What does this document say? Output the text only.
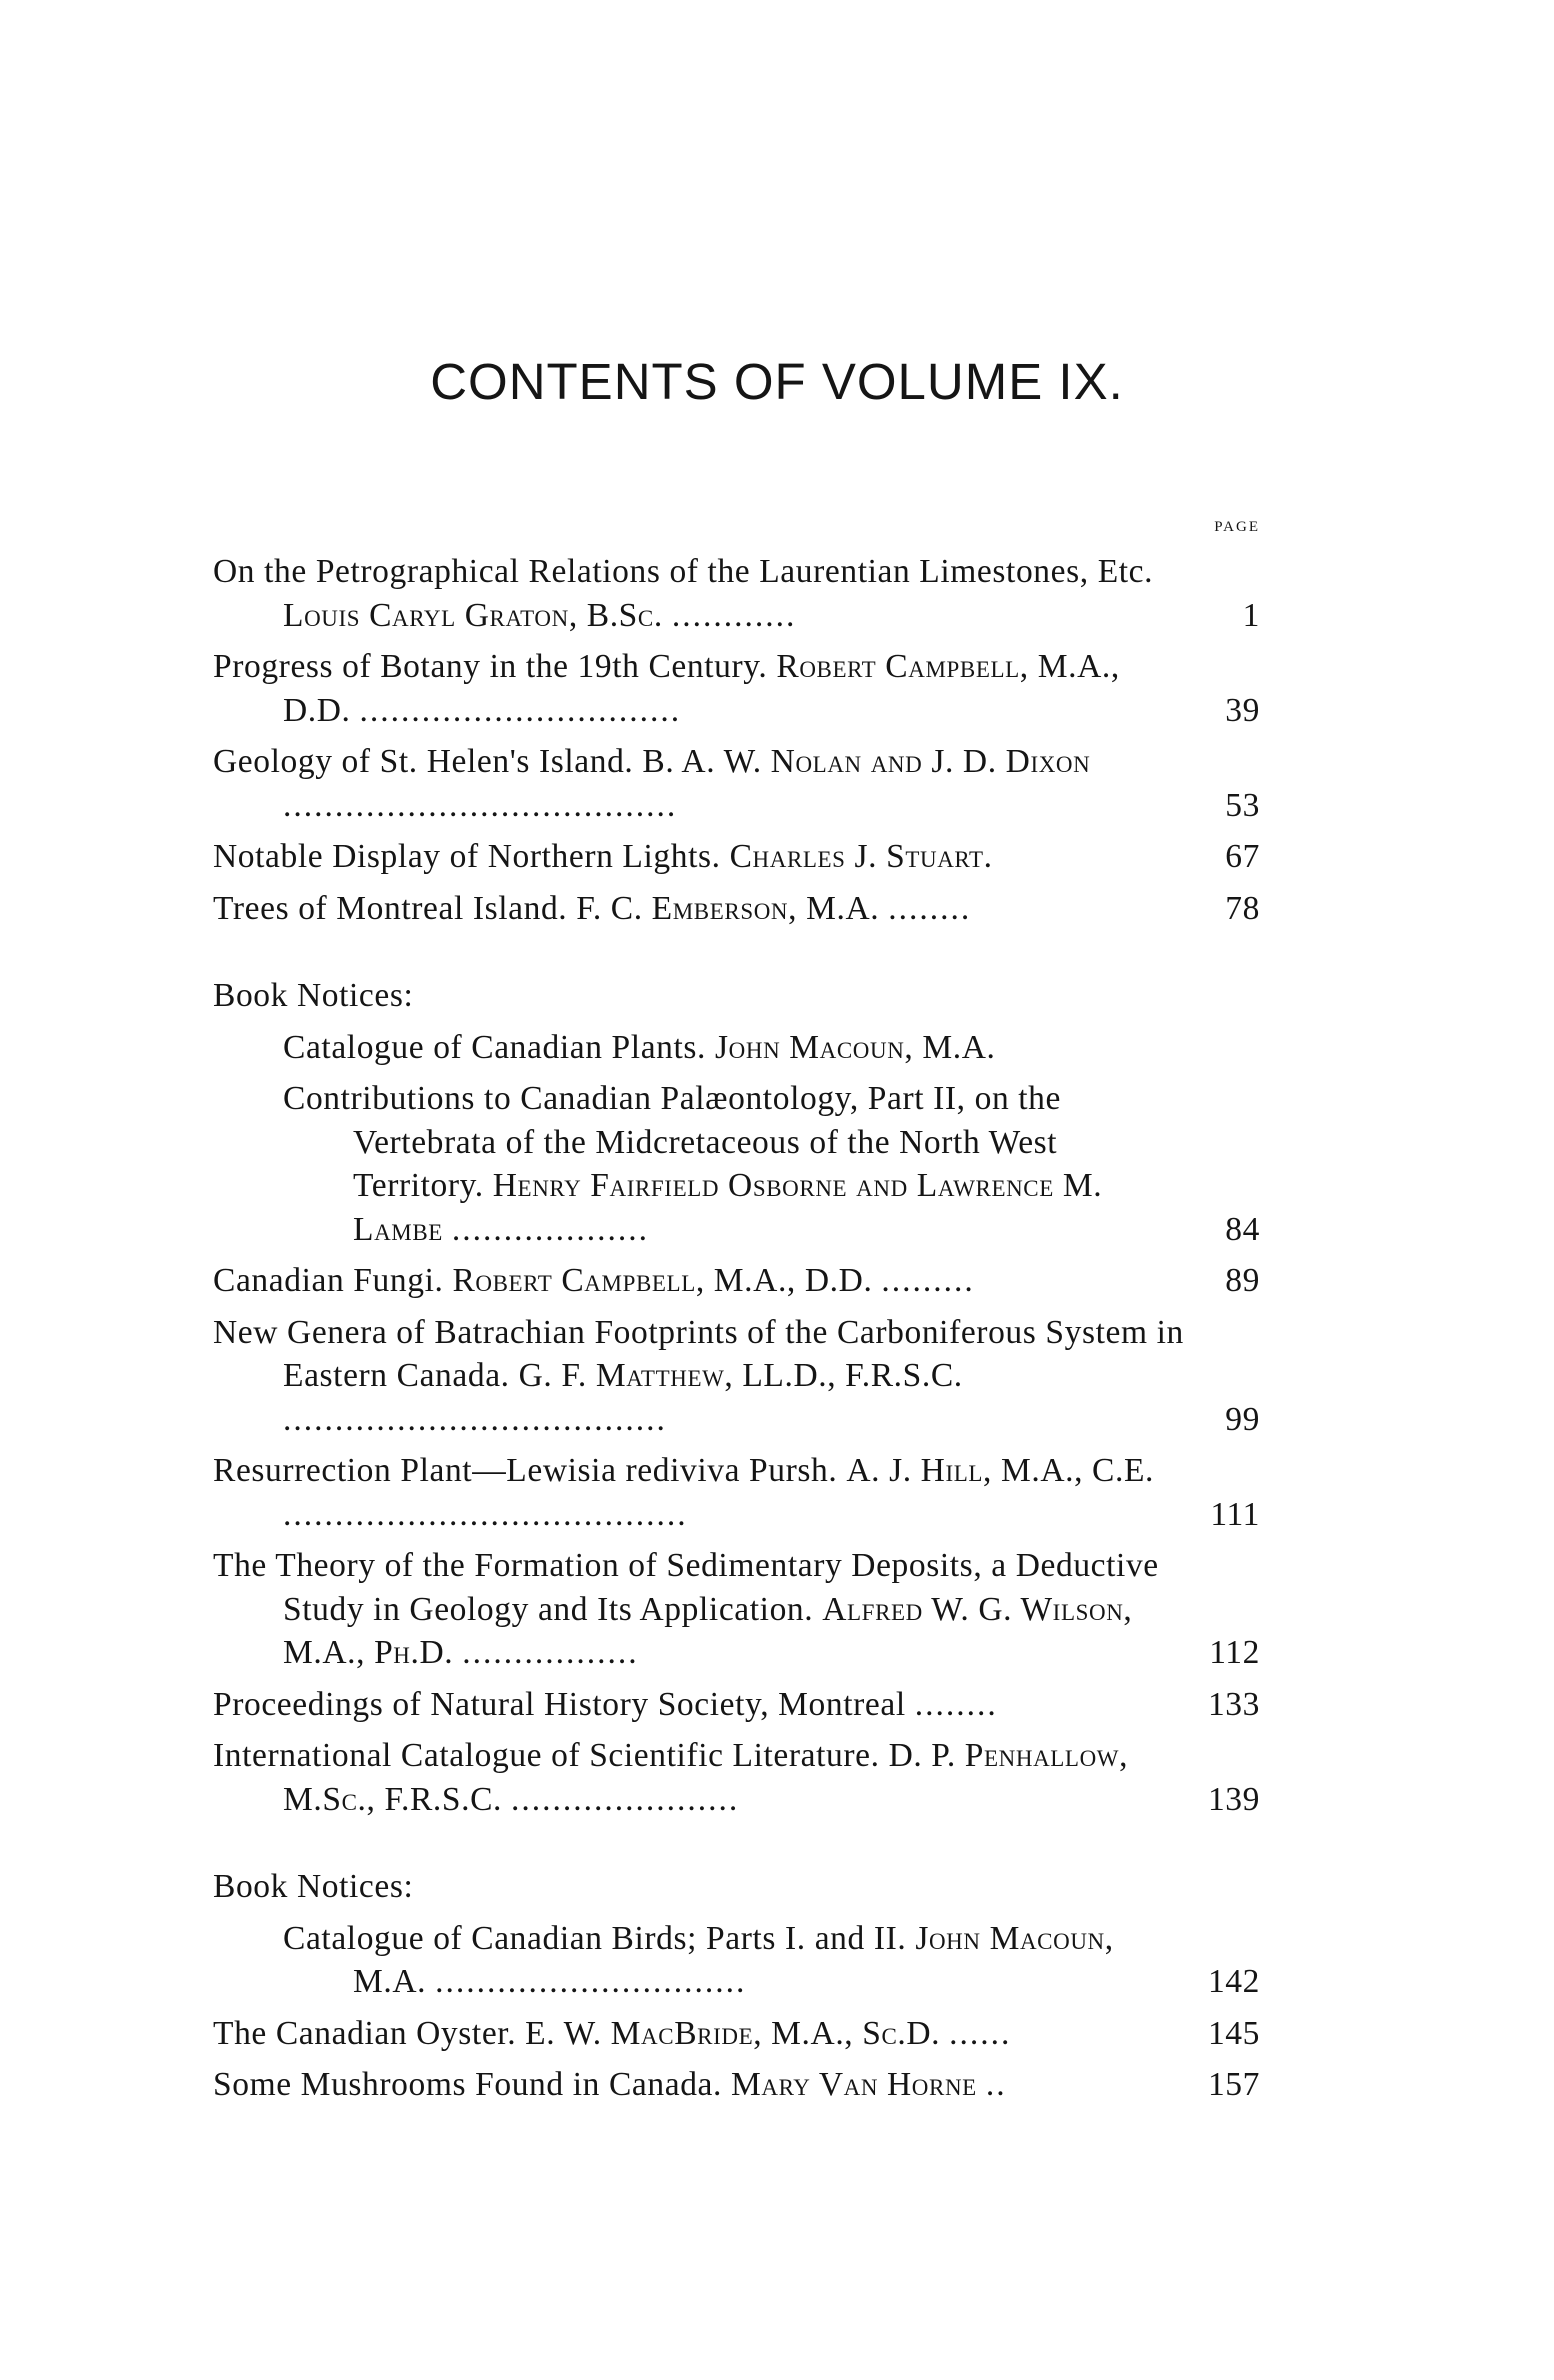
CONTENTS OF VOLUME IX.
PAGE
On the Petrographical Relations of the Laurentian Limestones, Etc. Louis Caryl Graton, B.Sc. ............	1
Progress of Botany in the 19th Century. Robert Campbell, M.A., D.D. ...............................	39
Geology of St. Helen's Island. B. A. W. Nolan and J. D. Dixon ......................................	53
Notable Display of Northern Lights. Charles J. Stuart.	67
Trees of Montreal Island. F. C. Emberson, M.A. ........	78
Book Notices:
Catalogue of Canadian Plants. John Macoun, M.A.
Contributions to Canadian Palæontology, Part II, on the Vertebrata of the Midcretaceous of the North West Territory. Henry Fairfield Osborne and Lawrence M. Lambe ...................	84
Canadian Fungi. Robert Campbell, M.A., D.D. .........	89
New Genera of Batrachian Footprints of the Carboniferous System in Eastern Canada. G. F. Matthew, LL.D., F.R.S.C. .....................................	99
Resurrection Plant—Lewisia rediviva Pursh. A. J. Hill, M.A., C.E. .......................................	111
The Theory of the Formation of Sedimentary Deposits, a Deductive Study in Geology and Its Application. Alfred W. G. Wilson, M.A., Ph.D. .................	112
Proceedings of Natural History Society, Montreal ........	133
International Catalogue of Scientific Literature. D. P. Penhallow, M.Sc., F.R.S.C. ......................	139
Book Notices:
Catalogue of Canadian Birds; Parts I. and II. John Macoun, M.A. ..............................	142
The Canadian Oyster. E. W. MacBride, M.A., Sc.D. ......	145
Some Mushrooms Found in Canada. Mary Van Horne ..	157
